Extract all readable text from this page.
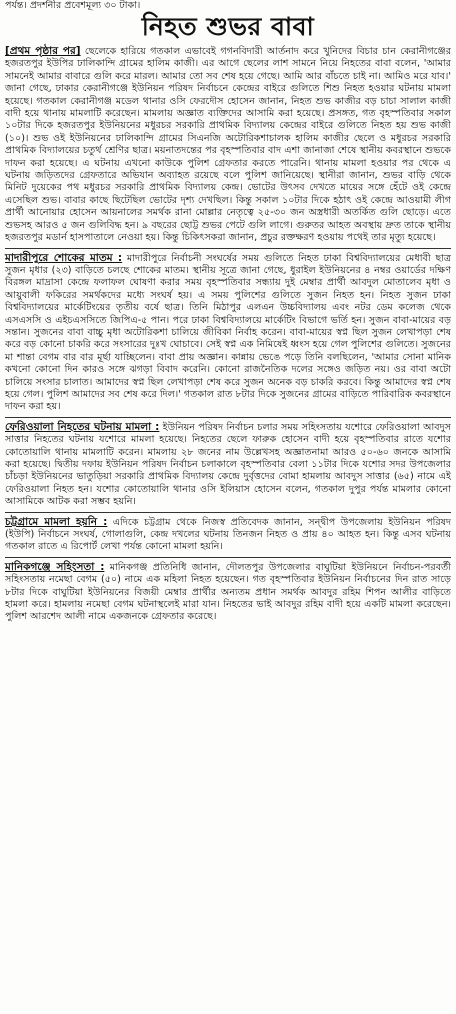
পর্যন্ত। প্রদর্শনীর প্রবেশমূল্য ৩০ টাকা।
নিহত শুভর বাবা

[প্রথম পৃষ্ঠার পর] ছেলেকে হারিয়ে গতকাল এভাবেই গগনবিদারী আর্তনাদ করে খুনিদের বিচার চান কেরানীগঞ্জের হজরতপুর ইউপির ঢালিকান্দি গ্রামের হালিম কাজী। এর আগে ছেলের লাশ সামনে নিয়ে নিহতের বাবা বলেন, 'আমার সামনেই আমার বাবারে গুলি করে মারল। আমার তো সব শেষ হয়ে গেছে। আমি আর বাঁচতে চাই না। আমিও মরে যাব।' জানা গেছে, ঢাকার কেরানীগঞ্জে ইউনিয়ন পরিষদ নির্বাচনে কেন্দ্রের বাইরে গুলিতে শিশু নিহত হওয়ার ঘটনায় মামলা হয়েছে। গতকাল কেরানীগঞ্জ মডেল থানার ওসি ফেরদৌস হোসেন জানান, নিহত শুভ কাজীর বড় চাচা সালাল কাজী বাদী হয়ে থানায় মামলাটি করেছেন। মামলায় অজ্ঞাত ব্যক্তিদের আসামি করা হয়েছে। প্রসঙ্গত, গত বৃহস্পতিবার সকাল ১০টার দিকে হজরতপুর ইউনিয়নের মধুরচর সরকারি প্রাথমিক বিদ্যালয় কেন্দ্রের বাইরে গুলিতে নিহত হয় শুভ কাজী (১০)। শুভ ওই ইউনিয়নের ঢালিকান্দি গ্রামের সিএনজি অটোরিকশাচালক হালিম কাজীর ছেলে ও মধুরচর সরকারি প্রাথমিক বিদ্যালয়ের চতুর্থ শ্রেণির ছাত্র। ময়নাতদন্তের পর বৃহস্পতিবার বাদ এশা জানাজা শেষে স্থানীয় কবরস্থানে শুভকে দাফন করা হয়েছে। এ ঘটনায় এখনো কাউকে পুলিশ গ্রেফতার করতে পারেনি। থানায় মামলা হওয়ার পর থেকে এ ঘটনায় জড়িতদের গ্রেফতারে অভিযান অব্যাহত রয়েছে বলে পুলিশ জানিয়েছে। স্থানীরা জানান, শুভর বাড়ি থেকে মিনিট দুয়েকের পথ মধুরচর সরকারি প্রাথমিক বিদ্যালয় কেন্দ্র। ভোটের উৎসব দেখতে মায়ের সঙ্গে হেঁটে ওই কেন্দ্রে এসেছিল শুভ। বাবার কাছে ছিটেছিল ভোটের দৃশ্য দেখছিল। কিন্তু সকাল ১০টার দিকে হঠাৎ ওই কেন্দ্রে আওয়ামী লীগ প্রার্থী আনোয়ার হোসেন আয়নালের সমর্থক রানা মোল্লার নেতৃত্বে ২৫-৩০ জন অস্ত্রধারী অতর্কিত গুলি ছোড়ে। এতে শুভসহ আরও ৫ জন গুলিবিদ্ধ হন। ৯ বছরের ছোট্ট শুভর পেটে গুলি লাগে। গুরুতর আহত অবস্থায় দ্রুত তাকে স্থানীয় হজরতপুর মডার্ন হাসপাতালে নেওয়া হয়। কিন্তু চিকিৎসকরা জানান, প্রচুর রক্তক্ষরণ হওয়ায় পথেই তার মৃত্যু হয়েছে।

মাদারীপুরে শোকের মাতম : মাদারীপুরে নির্বাচনী সংঘর্ষের সময় গুলিতে নিহত ঢাকা বিশ্ববিদ্যালয়ের মেধাবী ছাত্র সুজন মৃধার (২৩) বাড়িতে চলছে শোকের মাতম। স্থানীয় সূত্রে জানা গেছে, ধুরাইল ইউনিয়নের ৪ নম্বর ওয়ার্ডের দক্ষিণ বিরঙ্গল মাদ্রাসা কেন্দ্রে ফলাফল ঘোষণা করার সময় বৃহস্পতিবার সন্ধ্যায় দুই মেম্বার প্রার্থী আবদুল মোতালেব মৃধা ও আয়ুবালী ফকিরের সমর্থকদের মধ্যে সংঘর্ষ হয়। এ সময় পুলিশের গুলিতে সুজন নিহত হন। নিহত সুজন ঢাকা বিশ্ববিদ্যালয়ের মার্কেটিংয়ের তৃতীয় বর্ষে ছাত্র। তিনি মিঠাপুর এলএন উচ্চবিদ্যালয় এবং নটর ডেম কলেজ থেকে এসএসসি ও এইচএসসিতে জিপিএ-৫ পান। পরে ঢাকা বিশ্ববিদ্যালয়ে মার্কেটিং বিভাগে ভর্তি হন। সুজন বাবা-মায়ের বড় সন্তান। সুজনের বাবা বাচ্চু মৃধা অটোরিকশা চালিয়ে জীবিকা নির্বাহ করেন। বাবা-মায়ের স্বপ্ন ছিল সুজন লেখাপড়া শেষ করে বড় কোনো চাকরি করে সংসারের দুঃখ ঘোচাবে। সেই স্বপ্ন এক নিমিষেই ধ্বংস হয়ে গেল পুলিশের গুলিতে। সুজনের মা শান্তা বেগম বার বার মূর্ছা যাচ্ছিলেন। বাবা প্রায় অজ্ঞান। কান্নায় ভেঙে পড়ে তিনি বলছিলেন, 'আমার সোনা মানিক কখনো কোনো দিন কারও সঙ্গে ঝগড়া বিবাদ করেনি। কোনো রাজনৈতিক দলের সঙ্গেও জড়িত নয়। ওর বাবা অটো চালিয়ে সংসার চালাত। আমাদের স্বপ্ন ছিল লেখাপড়া শেষ করে সুজন অনেক বড় চাকরি করবে। কিন্তু আমাদের স্বপ্ন শেষ হয়ে গেল। পুলিশ আমাদের সব শেষ করে দিল।' গতকাল রাত ৮টার দিকে সুজনের গ্রামের বাড়িতে পারিবারিক কবরস্থানে দাফন করা হয়।

ফেরিওয়ালা নিহতের ঘটনায় মামলা : ইউনিয়ন পরিষদ নির্বাচন চলার সময় সহিংসতায় যশোরে ফেরিওয়ালা আবদুস সাত্তার নিহতের ঘটনায় যশোরে মামলা হয়েছে। নিহতের ছেলে ফারুক হোসেন বাদী হয়ে বৃহস্পতিবার রাতে যশোর কোতোয়ালি থানায় মামলাটি করেন। মামলায় ২৮ জনের নাম উল্লেখসহ অজ্ঞাতনামা আরও ৫০-৬০ জনকে আসামি করা হয়েছে। দ্বিতীয় দফায় ইউনিয়ন পরিষদ নির্বাচন চলাকালে বৃহস্পতিবার বেলা ১১টার দিকে যশোর সদর উপজেলার চাঁচড়া ইউনিয়নের ভাতুড়িয়া সরকারি প্রাথমিক বিদ্যালয় কেন্দ্রে দুর্বৃত্তদের বোমা হামলায় আবদুস সাত্তার (৬৫) নামে এই ফেরিওয়ালা নিহত হন। যশোর কোতোয়ালি থানার ওসি ইলিয়াস হোসেন বলেন, গতকাল দুপুর পর্যন্ত মামলার কোনো আসামিকে আটক করা সম্ভব হয়নি।

চট্টগ্রামে মামলা হয়নি : এদিকে চট্টগ্রাম থেকে নিজস্ব প্রতিবেদক জানান, সন্দ্বীপ উপজেলায় ইউনিয়ন পরিষদ (ইউপি) নির্বাচনে সংঘর্ষ, গোলাগুলি, কেন্দ্র দখলের ঘটনায় তিনজন নিহত ও প্রায় ৪০ আহত হন। কিন্তু এসব ঘটনায় গতকাল রাতে এ রিপোর্ট লেখা পর্যন্ত কোনো মামলা হয়নি।

মানিকগঞ্জে সহিংসতা : মানিকগঞ্জ প্রতিনিধি জানান, দৌলতপুর উপজেলার বাঘুটিয়া ইউনিয়নে নির্বাচন-পরবর্তী সহিংসতায় নমেছা বেগম (৫০) নামে এক মহিলা নিহত হয়েছেন। গত বৃহস্পতিবার ইউনিয়ন নির্বাচনের দিন রাত সাড়ে ৮টার দিকে বাঘুটিয়া ইউনিয়নের বিজয়ী মেম্বার প্রার্থীর অন্যতম প্রধান সমর্থক আবদুর রহিম শিপন আলীর বাড়িতে হামলা করে। হামলায় নমেছা বেগম ঘটনাস্থলেই মারা যান। নিহতের ভাই আবদুর রহিম বাদী হয়ে একটি মামলা করেছেন। পুলিশ আরশেদ আলী নামে একজনকে গ্রেফতার করেছে।
